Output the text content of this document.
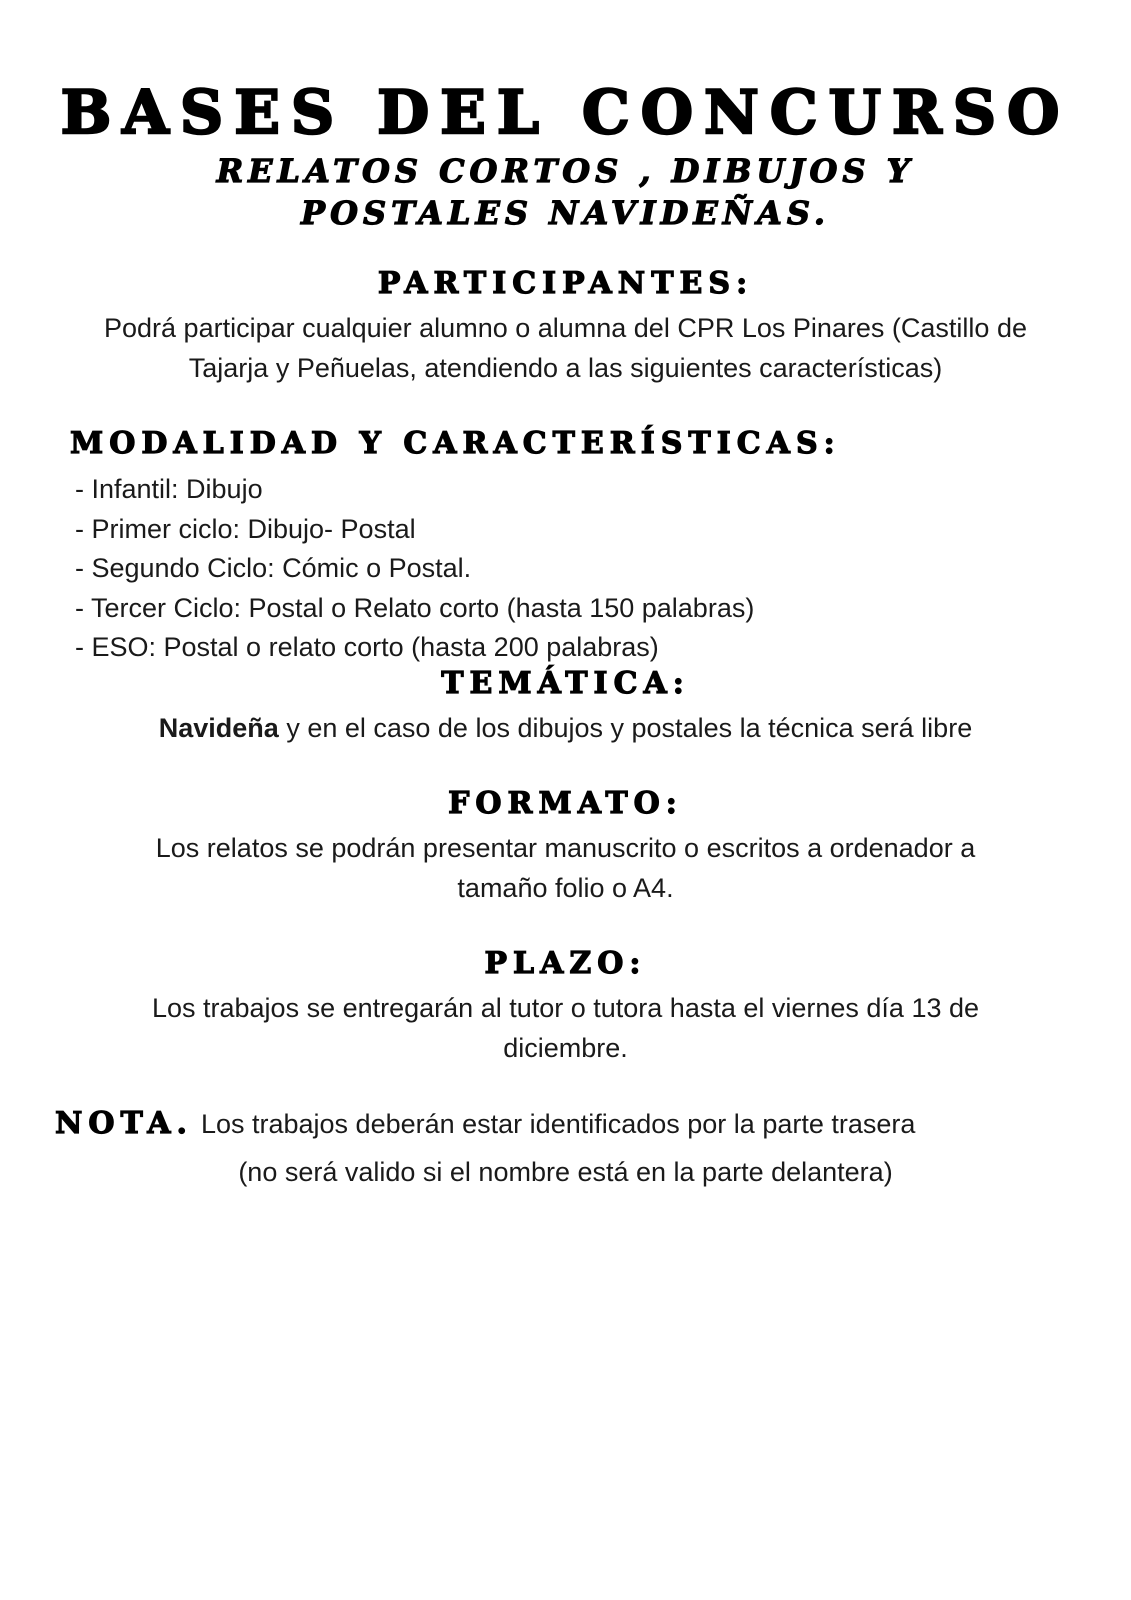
BASES DEL CONCURSO
RELATOS CORTOS , DIBUJOS Y
POSTALES NAVIDEÑAS.
PARTICIPANTES:

Podrá participar cualquier alumno o alumna del CPR Los Pinares (Castillo de

Tajarja y Peñuelas, atendiendo a las siguientes características)

MODALIDAD Y CARACTERÍSTICAS:
- Infantil: Dibujo
- Primer ciclo: Dibujo- Postal
- Segundo Ciclo: Cómic o Postal.
- Tercer Ciclo: Postal o Relato corto (hasta 150 palabras)
- ESO: Postal o relato corto (hasta 200 palabras)
TEMÁTICA:

Navideña y en el caso de los dibujos y postales la técnica será libre

FORMATO:

Los relatos se podrán presentar manuscrito o escritos a ordenador a

tamaño folio o A4.

PLAZO:

Los trabajos se entregarán al tutor o tutora hasta el viernes día 13 de

diciembre.

NOTA. Los trabajos deberán estar identificados por la parte trasera
(no será valido si el nombre está en la parte delantera)
